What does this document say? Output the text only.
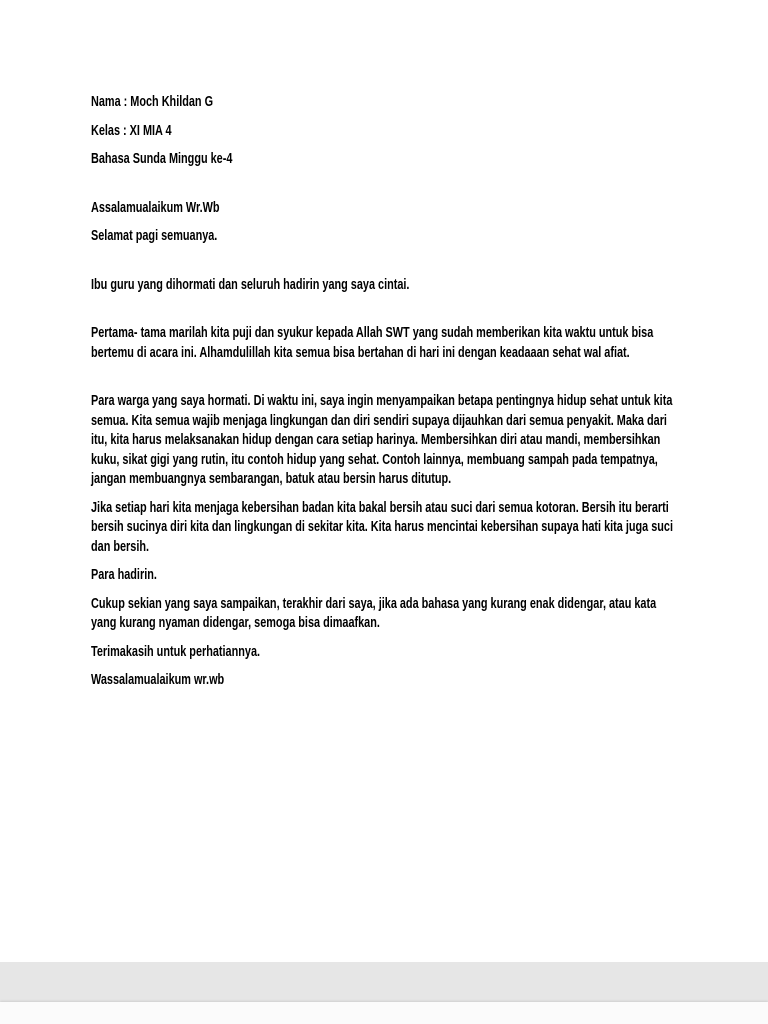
Nama : Moch Khildan G

Kelas : XI MIA 4

Bahasa Sunda Minggu ke-4

Assalamualaikum Wr.Wb

Selamat pagi semuanya.

Ibu guru yang dihormati dan seluruh hadirin yang saya cintai.

Pertama- tama marilah kita puji dan syukur kepada Allah SWT yang sudah memberikan kita waktu untuk bisa bertemu di acara ini. Alhamdulillah kita semua bisa bertahan di hari ini dengan keadaaan sehat wal afiat.

Para warga yang saya hormati. Di waktu ini, saya ingin menyampaikan betapa pentingnya hidup sehat untuk kita semua. Kita semua wajib menjaga lingkungan dan diri sendiri supaya dijauhkan dari semua penyakit. Maka dari itu, kita harus melaksanakan hidup dengan cara setiap harinya. Membersihkan diri atau mandi, membersihkan kuku, sikat gigi yang rutin, itu contoh hidup yang sehat. Contoh lainnya, membuang sampah pada tempatnya, jangan membuangnya sembarangan, batuk atau bersin harus ditutup.

Jika setiap hari kita menjaga kebersihan badan kita bakal bersih atau suci dari semua kotoran. Bersih itu berarti bersih sucinya diri kita dan lingkungan di sekitar kita. Kita harus mencintai kebersihan supaya hati kita juga suci dan bersih.

Para hadirin.

Cukup sekian yang saya sampaikan, terakhir dari saya, jika ada bahasa yang kurang enak didengar, atau kata yang kurang nyaman didengar, semoga bisa dimaafkan.

Terimakasih untuk perhatiannya.

Wassalamualaikum wr.wb
